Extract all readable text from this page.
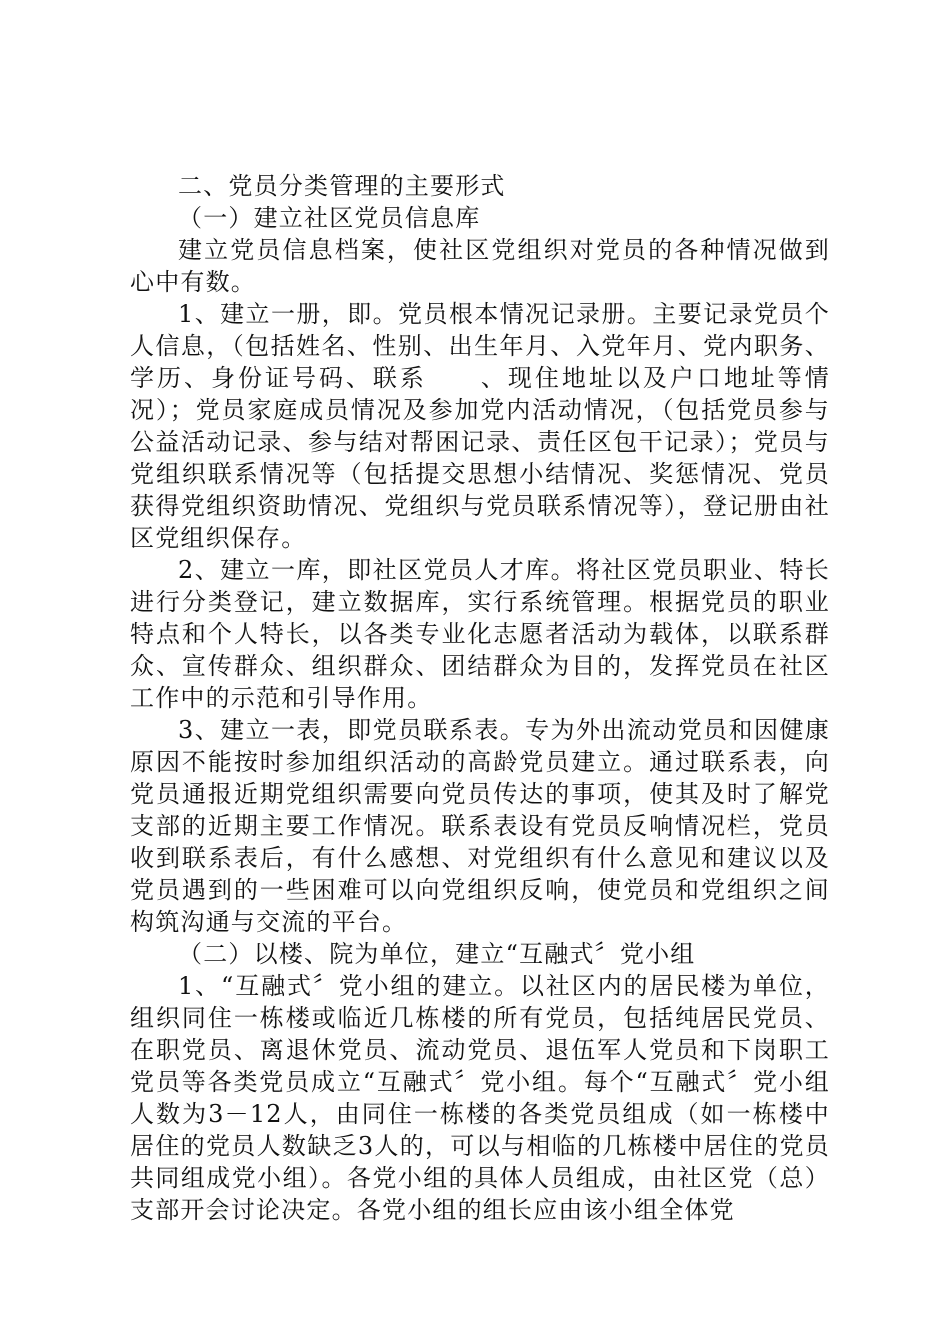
二、党员分类管理的主要形式

（一）建立社区党员信息库

建立党员信息档案，使社区党组织对党员的各种情况做到心中有数。

1、建立一册，即。党员根本情况记录册。主要记录党员个人信息，（包括姓名、性别、出生年月、入党年月、党内职务、学历、身份证号码、联系　　、现住地址以及户口地址等情况）；党员家庭成员情况及参加党内活动情况，（包括党员参与公益活动记录、参与结对帮困记录、责任区包干记录）；党员与党组织联系情况等（包括提交思想小结情况、奖惩情况、党员获得党组织资助情况、党组织与党员联系情况等），登记册由社区党组织保存。

2、建立一库，即社区党员人才库。将社区党员职业、特长进行分类登记，建立数据库，实行系统管理。根据党员的职业特点和个人特长，以各类专业化志愿者活动为载体，以联系群众、宣传群众、组织群众、团结群众为目的，发挥党员在社区工作中的示范和引导作用。

3、建立一表，即党员联系表。专为外出流动党员和因健康原因不能按时参加组织活动的高龄党员建立。通过联系表，向党员通报近期党组织需要向党员传达的事项，使其及时了解党支部的近期主要工作情况。联系表设有党员反响情况栏，党员收到联系表后，有什么感想、对党组织有什么意见和建议以及党员遇到的一些困难可以向党组织反响，使党员和党组织之间构筑沟通与交流的平台。

（二）以楼、院为单位，建立“互融式〞党小组

1、“互融式〞党小组的建立。以社区内的居民楼为单位，组织同住一栋楼或临近几栋楼的所有党员，包括纯居民党员、在职党员、离退休党员、流动党员、退伍军人党员和下岗职工党员等各类党员成立“互融式〞党小组。每个“互融式〞党小组人数为3－12人，由同住一栋楼的各类党员组成（如一栋楼中居住的党员人数缺乏3人的，可以与相临的几栋楼中居住的党员共同组成党小组）。各党小组的具体人员组成，由社区党（总）支部开会讨论决定。各党小组的组长应由该小组全体党
